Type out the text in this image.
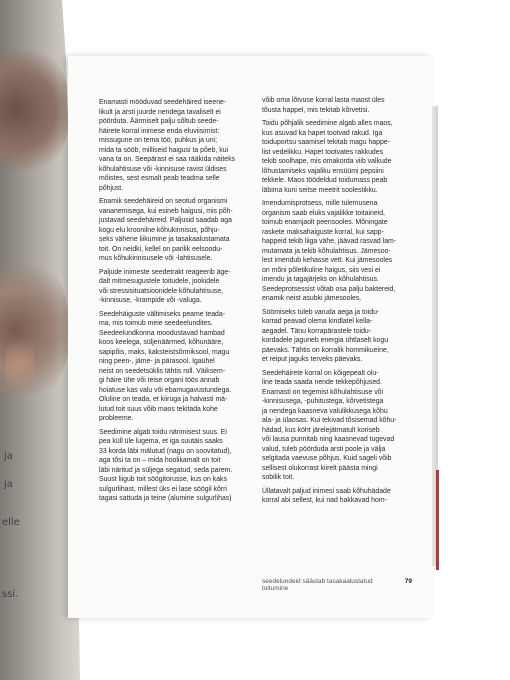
ja
ja
elle
ssi.

Enamasti mööduvad seedehäired iseene-
likult ja arsti juurde nendega tavaliselt ei
pöörduta. Äärmiselt palju sõltub seede-
häirete korral inimese enda eluviisimist:
missugune on tema töö, puhkus ja uni;
mida ta sööb, milliseid haigusi ta põeb, kui
vana ta on. Seepärast ei saa rääkida näiteks
kõhulahtisuse või -kinnisuse ravist üldises
mõistes, sest esmalt peab teadma selle
põhjust.

Enamik seedehäireid on seotud organismi
vananemisega, kui esineb haigusi, mis põh-
justavad seedehäireid. Paljusid saadab aga
kogu elu kroonilne kõhukinnisus, põhju-
seks vähene liikumine ja tasakaalustamata
toit. On neidki, kellel on parilik eelsoodu-
mus kõhukinnisusele või -lahtisusele.

Paljude inimeste seedetrakt reageerib äge-
dalt mitmesugustele toitudele, jookidele
või stressisituatsioonidele kõhulahtisuse,
-kinnisuse, -krampide või -valuga.

Seedehäiguste vältimiseks peame teada-
ma, mis toimub meie seedeelundites.
Seedeelundkonna moodustavad hambad
koos keelega, süljenäärmed, kõhunääre,
sapipõis, maks, kaksteistsõrmiksool, magu
ning peen-, jäme- ja pärasool. Igaühel
neist on seedetsüklis tähtis roll. Väiksem-
gi häire ühe või teise organi töös annab
hoiatuse kas valu või ebamugavustundega.
Oluline on teada, et kiiruga ja halvasti mä-
lutud toit suus võib maos tekitada kohe
probleeme.

Seedimine algab toidu närimisest suus. Ei
pea küll üle lugema, et iga suutäis saaks
33 korda läbi mälutud (nagu on soovitatud),
aga tõsi ta on – mida hoolikamalt on toit
läbi näritud ja süljega segatud, seda parem.
Suust liigub toit söögitorusse, kus on kaks
sulgurlihast, millest üks ei lase söögil kõrri
tagasi sattuda ja teine (alumine sulgurlihas)

võib oma lõtvuse korral lasta maost üles
tõusta happel, mis tekitab kõrvetisi.

Toidu põhjalik seedimine algab alles maos,
kus asuvad ka hapet tootvad rakud. Iga
toiduportsu saamisel tekitab magu happe-
list vedelikku. Hapet tootvates rakkudes
tekib soolhape, mis omakorda viib valkude
lõhustamiseks vajaliku ensüümi pepsiini
tekkele. Maos töödeldud toidumass peab
läbima kuni seitse meetrit soolestikku.

Imendumisprotsess, mille tulemusena
organism saab eluks vajalikke toitaineid,
toimub enamjaolt peensooles. Mõningate
raskete maksahaiguste korral, kui sapp-
happeid tekib liiga vähe, jäävad rasvad lam-
mutamata ja tekib kõhulahtisus. Jämesoo-
lest imendub kehasse vett. Kui jämesooles
on mõni põletikuline haigus, siis vesi ei
imendu ja tagajärjeks on kõhulahtisus.
Seedeprotsessist võtab osa palju baktereid,
enamik neist asubki jämesooles.

Söömiseks tuleb varuda aega ja toidu-
korrad peavad olema kindlatel kella-
aegadel. Tänu korrapärastele toidu-
kordadele jaguneb energia ühtlaselt kogu
päevaks. Tähtis on korralik hommikueine,
et reiput jaguks terveks päevaks.

Seedehäirete korral on kõigepealt olu-
line teada saada nende tekkepõhjused.
Enamasti on tegemist kõhulahtisuse või
-kinnisusega, -puhitustega, kõrvetistega
ja nendega kaasneva valulikkusega kõhu
ala- ja ülaosas. Kui tekivad tõsisemad kõhu-
hädad, kus köht järelejätmatult koriseb
või lausa punnitab ning kaasnevad tugevad
valud, tuleb pöörduda arsti poole ja välja
selgitada vaevuse põhjus. Kuid sageli võib
sellisest olukorrast kiirelt päästa mingi
sobilik toit.

Üllatavalt paljud inimesi saab kõhuhädade
korral abi sellest, kui nad hakkavad hom-

seedelundeid säästab tasakaalustatud toitumine
79
